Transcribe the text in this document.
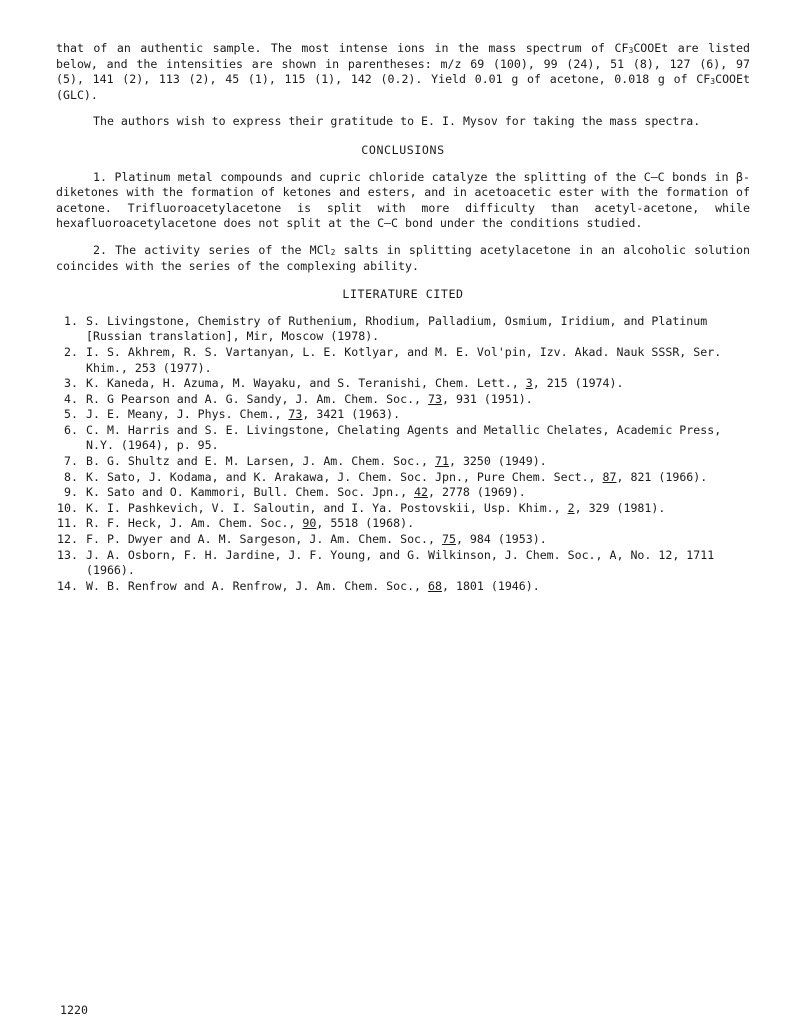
that of an authentic sample. The most intense ions in the mass spectrum of $CF_3COOEt$ are listed below, and the intensities are shown in parentheses: m/z 69 (100), 99 (24), 51 (8), 127 (6), 97 (5), 141 (2), 113 (2), 45 (1), 115 (1), 142 (0.2). Yield 0.01 g of acetone, 0.018 g of $CF_3COOEt$ (GLC).

The authors wish to express their gratitude to E. I. Mysov for taking the mass spectra.

CONCLUSIONS

1. Platinum metal compounds and cupric chloride catalyze the splitting of the C—C bonds in β-diketones with the formation of ketones and esters, and in acetoacetic ester with the formation of acetone. Trifluoroacetylacetone is split with more difficulty than acetyl-acetone, while hexafluoroacetylacetone does not split at the C—C bond under the conditions studied.

2. The activity series of the MCl$_2$ salts in splitting acetylacetone in an alcoholic solution coincides with the series of the complexing ability.

LITERATURE CITED
1. S. Livingstone, Chemistry of Ruthenium, Rhodium, Palladium, Osmium, Iridium, and Platinum [Russian translation], Mir, Moscow (1978).
2. I. S. Akhrem, R. S. Vartanyan, L. E. Kotlyar, and M. E. Vol'pin, Izv. Akad. Nauk SSSR, Ser. Khim., 253 (1977).
3. K. Kaneda, H. Azuma, M. Wayaku, and S. Teranishi, Chem. Lett., 3, 215 (1974).
4. R. G Pearson and A. G. Sandy, J. Am. Chem. Soc., 73, 931 (1951).
5. J. E. Meany, J. Phys. Chem., 73, 3421 (1963).
6. C. M. Harris and S. E. Livingstone, Chelating Agents and Metallic Chelates, Academic Press, N.Y. (1964), p. 95.
7. B. G. Shultz and E. M. Larsen, J. Am. Chem. Soc., 71, 3250 (1949).
8. K. Sato, J. Kodama, and K. Arakawa, J. Chem. Soc. Jpn., Pure Chem. Sect., 87, 821 (1966).
9. K. Sato and O. Kammori, Bull. Chem. Soc. Jpn., 42, 2778 (1969).
10. K. I. Pashkevich, V. I. Saloutin, and I. Ya. Postovskii, Usp. Khim., 2, 329 (1981).
11. R. F. Heck, J. Am. Chem. Soc., 90, 5518 (1968).
12. F. P. Dwyer and A. M. Sargeson, J. Am. Chem. Soc., 75, 984 (1953).
13. J. A. Osborn, F. H. Jardine, J. F. Young, and G. Wilkinson, J. Chem. Soc., A, No. 12, 1711 (1966).
14. W. B. Renfrow and A. Renfrow, J. Am. Chem. Soc., 68, 1801 (1946).
1220
